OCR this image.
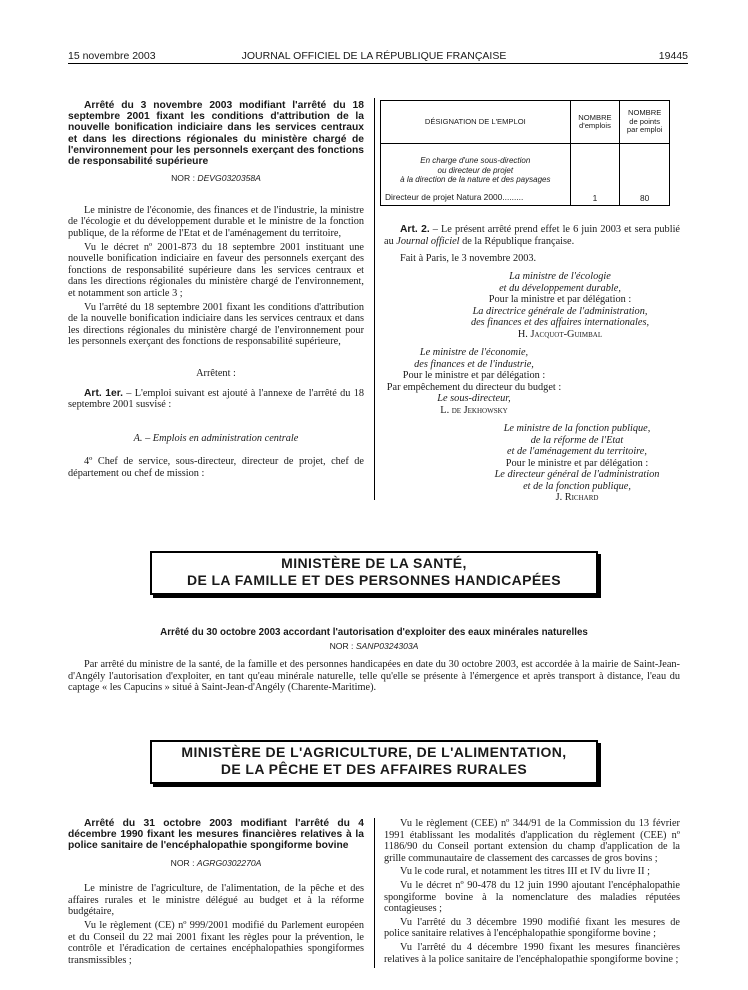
15 novembre 2003	JOURNAL OFFICIEL DE LA RÉPUBLIQUE FRANÇAISE	19445

Arrêté du 3 novembre 2003 modifiant l'arrêté du 18 septembre 2001 fixant les conditions d'attribution de la nouvelle bonification indiciaire dans les services centraux et dans les directions régionales du ministère chargé de l'environnement pour les personnels exerçant des fonctions de responsabilité supérieure

NOR : DEVG0320358A

Le ministre de l'économie, des finances et de l'industrie, la ministre de l'écologie et du développement durable et le ministre de la fonction publique, de la réforme de l'Etat et de l'aménagement du territoire,

Vu le décret nº 2001-873 du 18 septembre 2001 instituant une nouvelle bonification indiciaire en faveur des personnels exerçant des fonctions de responsabilité supérieure dans les services centraux et dans les directions régionales du ministère chargé de l'environnement, et notamment son article 3 ;

Vu l'arrêté du 18 septembre 2001 fixant les conditions d'attribution de la nouvelle bonification indiciaire dans les services centraux et dans les directions régionales du ministère chargé de l'environnement pour les personnels exerçant des fonctions de responsabilité supérieure,

Arrêtent :

Art. 1er. – L'emploi suivant est ajouté à l'annexe de l'arrêté du 18 septembre 2001 susvisé :

A. – Emplois en administration centrale

4º Chef de service, sous-directeur, directeur de projet, chef de département ou chef de mission :

DÉSIGNATION DE L'EMPLOI	NOMBRE d'emplois	NOMBRE de points par emploi

En charge d'une sous-direction
ou directeur de projet
à la direction de la nature et des paysages
Directeur de projet Natura 2000.........	1	80

Art. 2. – Le présent arrêté prend effet le 6 juin 2003 et sera publié au Journal officiel de la République française.

Fait à Paris, le 3 novembre 2003.

La ministre de l'écologie
et du développement durable,
Pour la ministre et par délégation :
La directrice générale de l'administration,
des finances et des affaires internationales,
H. Jacquot-Guimbal
Le ministre de l'économie,
des finances et de l'industrie,
Pour le ministre et par délégation :
Par empêchement du directeur du budget :
Le sous-directeur,
L. de Jekhowsky
Le ministre de la fonction publique,
de la réforme de l'Etat
et de l'aménagement du territoire,
Pour le ministre et par délégation :
Le directeur général de l'administration
et de la fonction publique,
J. Richard
MINISTÈRE DE LA SANTÉ,
DE LA FAMILLE ET DES PERSONNES HANDICAPÉES
Arrêté du 30 octobre 2003 accordant l'autorisation d'exploiter des eaux minérales naturelles
NOR : SANP0324303A
Par arrêté du ministre de la santé, de la famille et des personnes handicapées en date du 30 octobre 2003, est accordée à la mairie de Saint-Jean-d'Angély l'autorisation d'exploiter, en tant qu'eau minérale naturelle, telle qu'elle se présente à l'émergence et après transport à distance, l'eau du captage « les Capucins » situé à Saint-Jean-d'Angély (Charente-Maritime).
MINISTÈRE DE L'AGRICULTURE, DE L'ALIMENTATION,
DE LA PÊCHE ET DES AFFAIRES RURALES

Arrêté du 31 octobre 2003 modifiant l'arrêté du 4 décembre 1990 fixant les mesures financières relatives à la police sanitaire de l'encéphalopathie spongiforme bovine

NOR : AGRG0302270A

Le ministre de l'agriculture, de l'alimentation, de la pêche et des affaires rurales et le ministre délégué au budget et à la réforme budgétaire,

Vu le règlement (CE) nº 999/2001 modifié du Parlement européen et du Conseil du 22 mai 2001 fixant les règles pour la prévention, le contrôle et l'éradication de certaines encéphalopathies spongiformes transmissibles ;

Vu le règlement (CEE) nº 344/91 de la Commission du 13 février 1991 établissant les modalités d'application du règlement (CEE) nº 1186/90 du Conseil portant extension du champ d'application de la grille communautaire de classement des carcasses de gros bovins ;

Vu le code rural, et notamment les titres III et IV du livre II ;

Vu le décret nº 90-478 du 12 juin 1990 ajoutant l'encéphalopathie spongiforme bovine à la nomenclature des maladies réputées contagieuses ;

Vu l'arrêté du 3 décembre 1990 modifié fixant les mesures de police sanitaire relatives à l'encéphalopathie spongiforme bovine ;

Vu l'arrêté du 4 décembre 1990 fixant les mesures financières relatives à la police sanitaire de l'encéphalopathie spongiforme bovine ;
